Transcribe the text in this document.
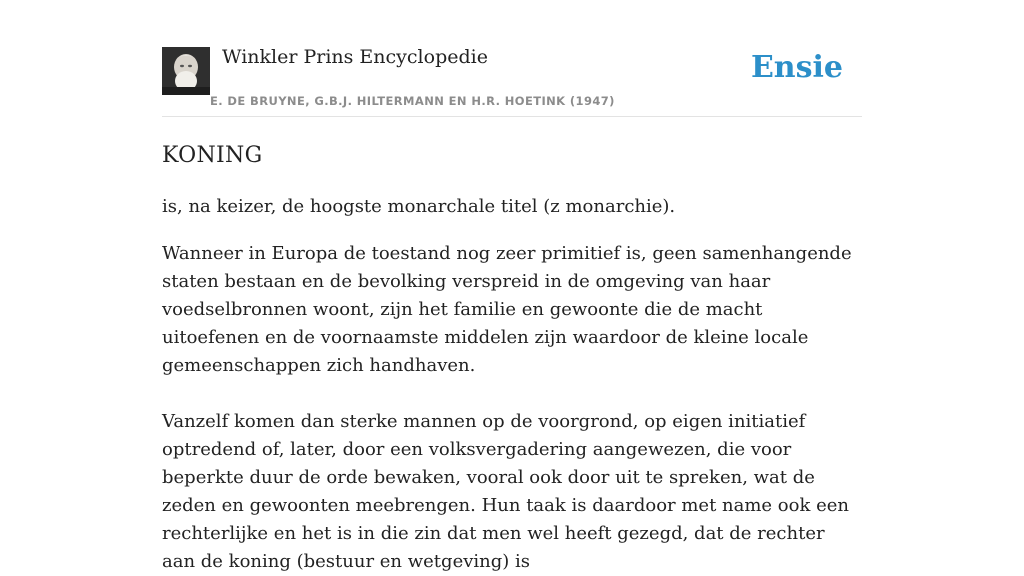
Winkler Prins Encyclopedie
E. DE BRUYNE, G.B.J. HILTERMANN EN H.R. HOETINK (1947)
Ensie
KONING

is, na keizer, de hoogste monarchale titel (z monarchie).

Wanneer in Europa de toestand nog zeer primitief is, geen samenhangende staten bestaan en de bevolking verspreid in de omgeving van haar voedselbronnen woont, zijn het familie en gewoonte die de macht uitoefenen en de voornaamste middelen zijn waardoor de kleine locale gemeenschappen zich handhaven.

Vanzelf komen dan sterke mannen op de voorgrond, op eigen initiatief optredend of, later, door een volksvergadering aangewezen, die voor beperkte duur de orde bewaken, vooral ook door uit te spreken, wat de zeden en gewoonten meebrengen. Hun taak is daardoor met name ook een rechterlijke en het is in die zin dat men wel heeft gezegd, dat de rechter aan de koning (bestuur en wetgeving) is
